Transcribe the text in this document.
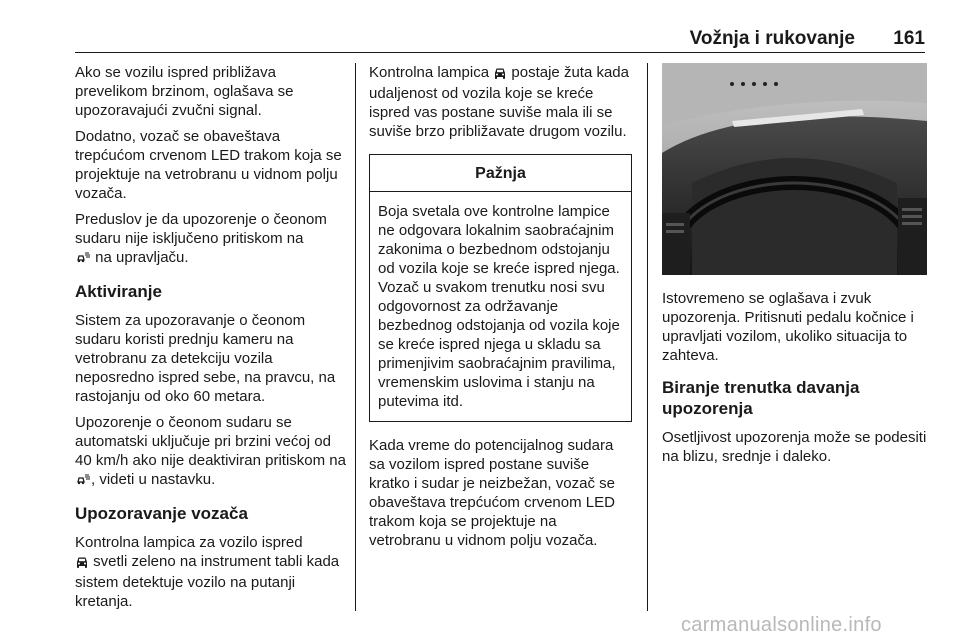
Vožnja i rukovanje 161

Ako se vozilu ispred približava prevelikom brzinom, oglašava se upozoravajući zvučni signal.

Dodatno, vozač se obaveštava trepćućom crvenom LED trakom koja se projektuje na vetrobranu u vidnom polju vozača.

Preduslov je da upozorenje o čeonom sudaru nije isključeno pritiskom na
na upravljaču.

Aktiviranje

Sistem za upozoravanje o čeonom sudaru koristi prednju kameru na vetrobranu za detekciju vozila neposredno ispred sebe, na pravcu, na rastojanju od oko 60 metara.

Upozorenje o čeonom sudaru se automatski uključuje pri brzini većoj od 40 km/h ako nije deaktiviran pritiskom na , videti u nastavku.

Upozoravanje vozača

Kontrolna lampica za vozilo ispred
svetli zeleno na instrument tabli kada sistem detektuje vozilo na putanji kretanja.

Kontrolna lampica  postaje žuta kada udaljenost od vozila koje se kreće ispred vas postane suviše mala ili se suviše brzo približavate drugom vozilu.

Pažnja
Boja svetala ove kontrolne lampice ne odgovara lokalnim saobraćajnim zakonima o bezbednom odstojanju od vozila koje se kreće ispred njega. Vozač u svakom trenutku nosi svu odgovornost za održavanje bezbednog odstojanja od vozila koje se kreće ispred njega u skladu sa primenjivim saobraćajnim pravilima, vremenskim uslovima i stanju na putevima itd.

Kada vreme do potencijalnog sudara sa vozilom ispred postane suviše kratko i sudar je neizbežan, vozač se obaveštava trepćućom crvenom LED trakom koja se projektuje na vetrobranu u vidnom polju vozača.

Istovremeno se oglašava i zvuk upozorenja. Pritisnuti pedalu kočnice i upravljati vozilom, ukoliko situacija to zahteva.

Biranje trenutka davanja upozorenja

Osetljivost upozorenja može se podesiti na blizu, srednje i daleko.

carmanualsonline.info
